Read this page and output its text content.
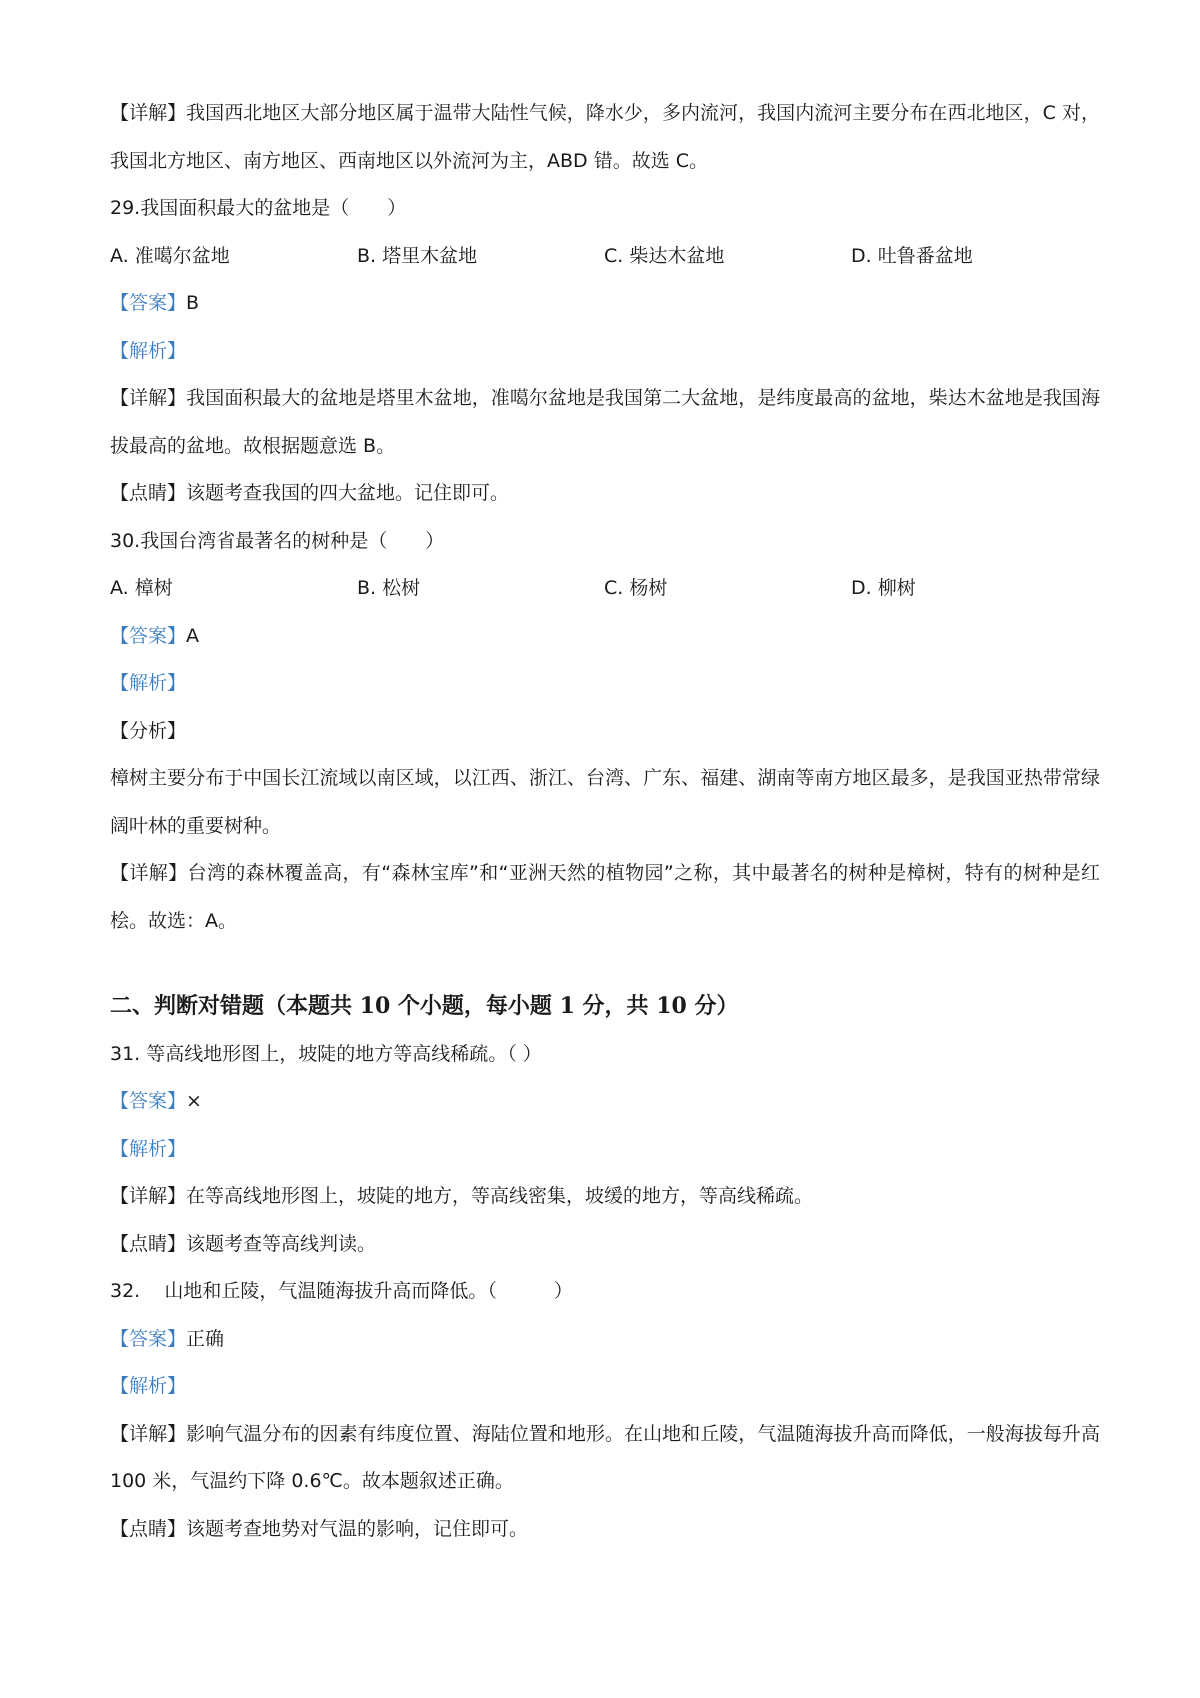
【详解】我国西北地区大部分地区属于温带大陆性气候，降水少，多内流河，我国内流河主要分布在西北地区，C 对，我国北方地区、南方地区、西南地区以外流河为主，ABD 错。故选 C。
29.我国面积最大的盆地是（　　）
A. 准噶尔盆地	B. 塔里木盆地	C. 柴达木盆地	D. 吐鲁番盆地
【答案】B
【解析】
【详解】我国面积最大的盆地是塔里木盆地，准噶尔盆地是我国第二大盆地，是纬度最高的盆地，柴达木盆地是我国海拔最高的盆地。故根据题意选 B。
【点睛】该题考查我国的四大盆地。记住即可。
30.我国台湾省最著名的树种是（　　）
A. 樟树	B. 松树	C. 杨树	D. 柳树
【答案】A
【解析】
【分析】
樟树主要分布于中国长江流域以南区域，以江西、浙江、台湾、广东、福建、湖南等南方地区最多，是我国亚热带常绿阔叶林的重要树种。
【详解】台湾的森林覆盖高，有“森林宝库”和“亚洲天然的植物园”之称，其中最著名的树种是樟树，特有的树种是红桧。故选：A。
二、判断对错题（本题共 10 个小题，每小题 1 分，共 10 分）
31. 等高线地形图上，坡陡的地方等高线稀疏。（ ）
【答案】×
【解析】
【详解】在等高线地形图上，坡陡的地方，等高线密集，坡缓的地方，等高线稀疏。
【点睛】该题考查等高线判读。
32.    山地和丘陵，气温随海拔升高而降低。（　　　）
【答案】正确
【解析】
【详解】影响气温分布的因素有纬度位置、海陆位置和地形。在山地和丘陵，气温随海拔升高而降低，一般海拔每升高 100 米，气温约下降 0.6℃。故本题叙述正确。
【点睛】该题考查地势对气温的影响，记住即可。
